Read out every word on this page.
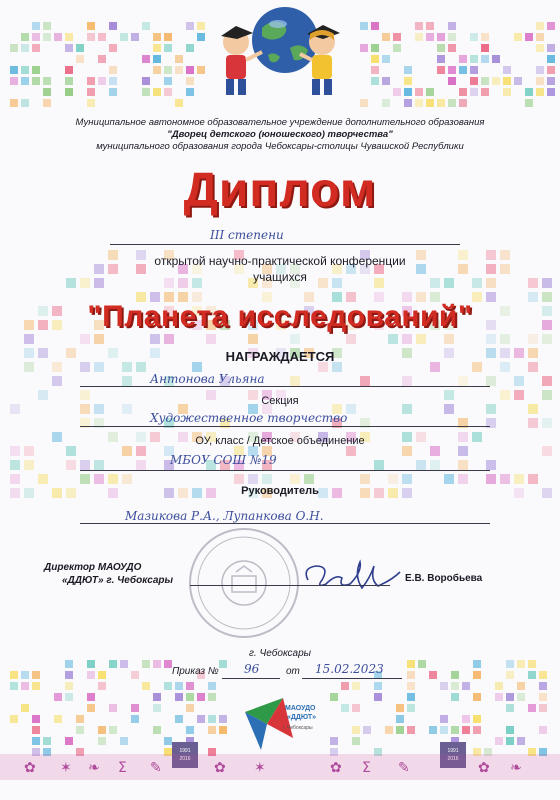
Муниципальное автономное образовательное учреждение дополнительного образования
"Дворец детского (юношеского) творчества"
муниципального образования города Чебоксары-столицы Чувашской Республики
Диплом
III степени
открытой научно-практической конференции
учащихся
"Планета исследований"
НАГРАЖДАЕТСЯ
Антонова Ульяна
Секция
Художественное творчество
ОУ, класс / Детское объединение
МБОУ СОШ №19
Руководитель
Мазикова Р.А., Лупанкова О.Н.
Директор МАОУДО
«ДДЮТ» г. Чебоксары	Е.В. Воробьева
г. Чебоксары
Приказ № 96	от 15.02.2023
МАОУДО
«ДДЮТ»
г. Чебоксары
1991
2016
1991
2016
✿ ✶ ❧ Σ ✎	✿ ✶	✿ Σ ✎	✿ ❧
